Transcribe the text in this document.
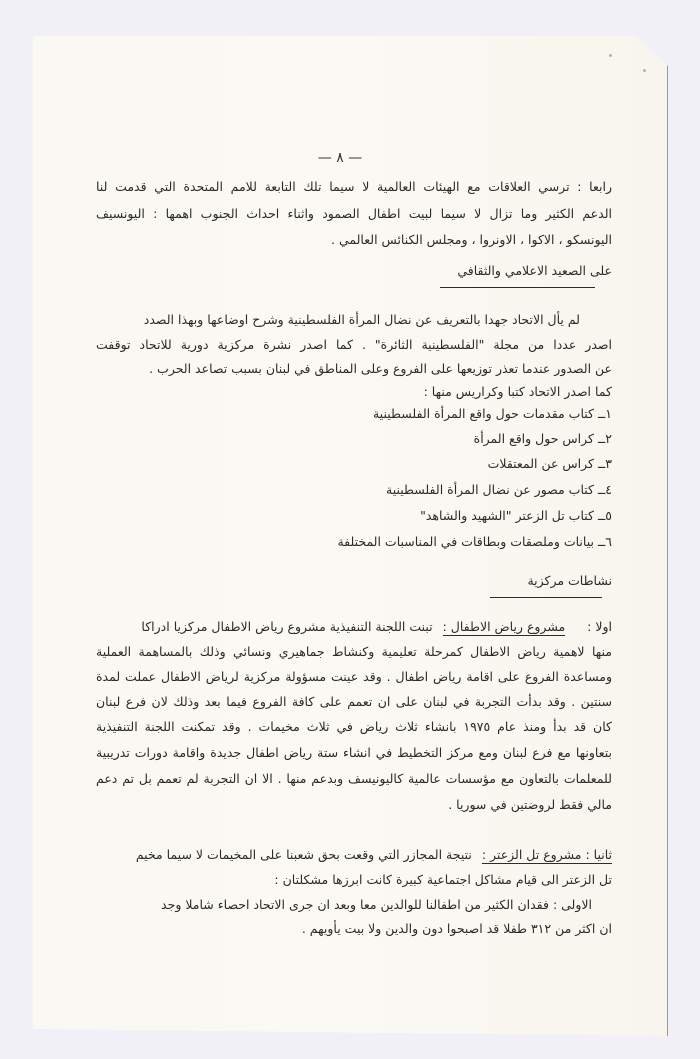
— ٨ —
رابعا : ترسي العلاقات مع الهيئات العالمية لا سيما تلك التابعة للامم المتحدة التي قدمت لنا
الدعم الكثير وما تزال لا سيما لبيت اطفال الصمود واثناء احداث الجنوب اهمها : اليونسيف
اليونسكو ، الاكوا ، الاونروا ، ومجلس الكنائس العالمي .
على الصعيد الاعلامي والثقافي
لم يأل الاتحاد جهدا بالتعريف عن نضال المرأة الفلسطينية وشرح اوضاعها وبهذا الصدد
اصدر عددا من مجلة "الفلسطينية الثائرة" . كما اصدر نشرة مركزية دورية للاتحاد توقفت
عن الصدور عندما تعذر توزيعها على الفروع وعلى المناطق في لبنان بسبب تصاعد الحرب .
كما اصدر الاتحاد كتبا وكراريس منها :
١ــ كتاب مقدمات حول واقع المرأة الفلسطينية
٢ــ كراس حول واقع المرأة
٣ــ كراس عن المعتقلات
٤ــ كتاب مصور عن نضال المرأة الفلسطينية
٥ــ كتاب تل الزعتر "الشهيد والشاهد"
٦ــ بيانات وملصقات وبطاقات في المناسبات المختلفة
نشاطات مركزية
اولا : مشروع رياض الاطفال : تبنت اللجنة التنفيذية مشروع رياض الاطفال مركزيا ادراكا
منها لاهمية رياض الاطفال كمرحلة تعليمية وكنشاط جماهيري ونسائي وذلك بالمساهمة العملية
ومساعدة الفروع على اقامة رياض اطفال . وقد عينت مسؤولة مركزية لرياض الاطفال عملت لمدة
سنتين . وقد بدأت التجربة في لبنان على ان تعمم على كافة الفروع فيما بعد وذلك لان فرع لبنان
كان قد بدأ ومنذ عام ١٩٧٥ بانشاء ثلاث رياض في ثلاث مخيمات . وقد تمكنت اللجنة التنفيذية
بتعاونها مع فرع لبنان ومع مركز التخطيط في انشاء ستة رياض اطفال جديدة واقامة دورات تدريبية
للمعلمات بالتعاون مع مؤسسات عالمية كاليونيسف وبدعم منها . الا ان التجربة لم تعمم بل تم دعم
مالي فقط لروضتين في سوريا .
ثانيا : مشروع تل الزعتر : نتيجة المجازر التي وقعت بحق شعبنا على المخيمات لا سيما مخيم
تل الزعتر الى قيام مشاكل اجتماعية كبيرة كانت ابرزها مشكلتان :
الاولى : فقدان الكثير من اطفالنا للوالدين معا وبعد ان جرى الاتحاد احصاء شاملا وجد
ان اكثر من ٣١٢ طفلا قد اصبحوا دون والدين ولا بيت يأويهم .
